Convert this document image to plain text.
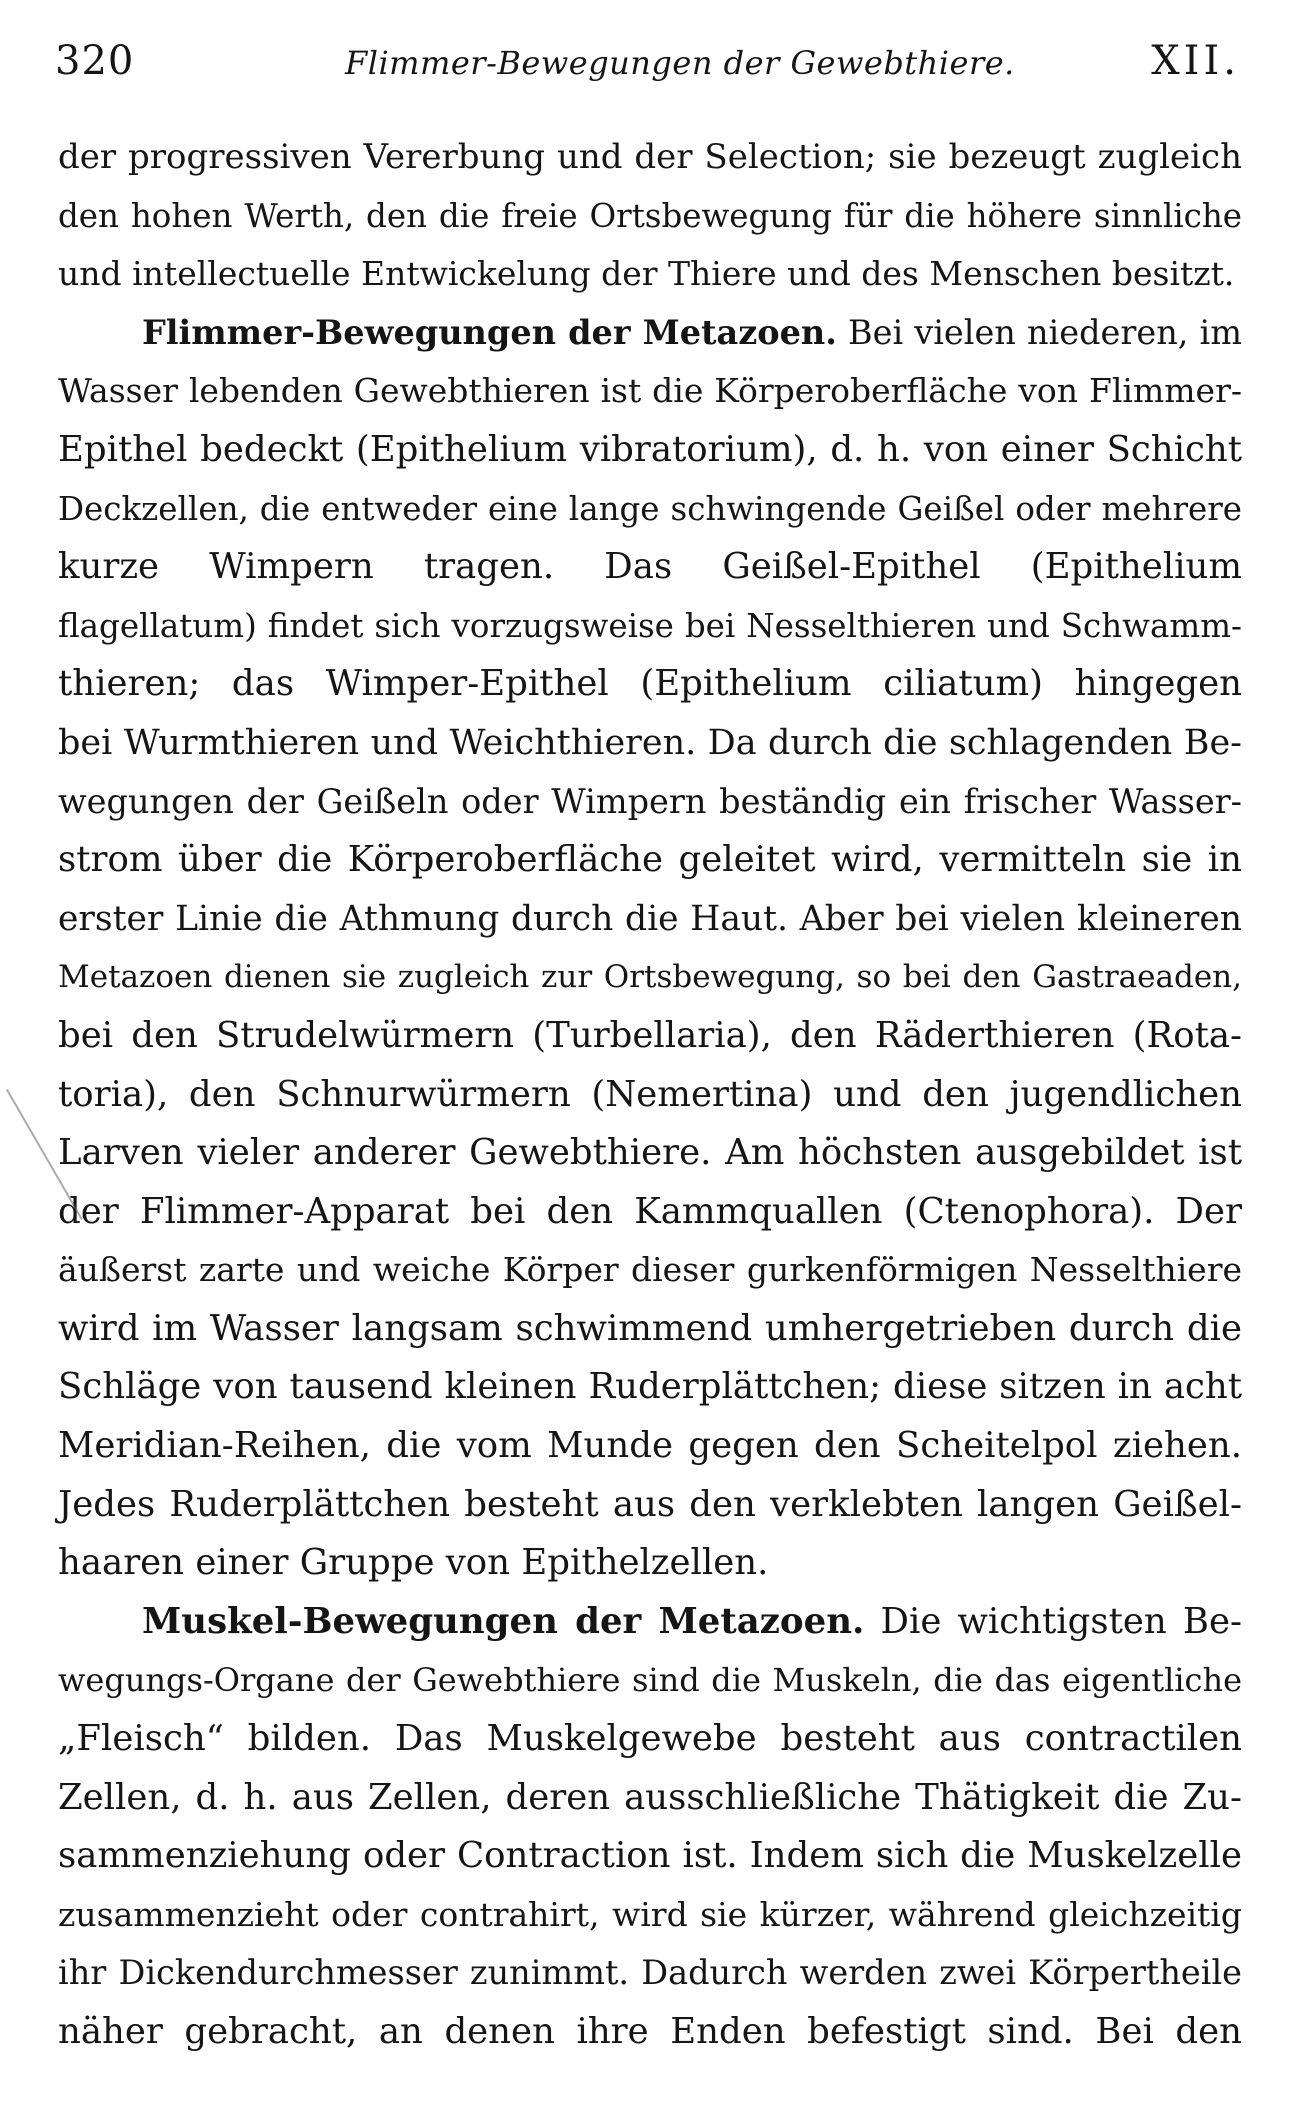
320	Flimmer-Bewegungen der Gewebthiere.	XII.
der progressiven Vererbung und der Selection; sie bezeugt zugleich
den hohen Werth, den die freie Ortsbewegung für die höhere sinnliche
und intellectuelle Entwickelung der Thiere und des Menschen besitzt.
Flimmer-Bewegungen der Metazoen. Bei vielen niederen, im
Wasser lebenden Gewebthieren ist die Körperoberfläche von Flimmer-
Epithel bedeckt (Epithelium vibratorium), d. h. von einer Schicht
Deckzellen, die entweder eine lange schwingende Geißel oder mehrere
kurze Wimpern tragen. Das Geißel-Epithel (Epithelium
flagellatum) findet sich vorzugsweise bei Nesselthieren und Schwamm-
thieren; das Wimper-Epithel (Epithelium ciliatum) hingegen
bei Wurmthieren und Weichthieren. Da durch die schlagenden Be-
wegungen der Geißeln oder Wimpern beständig ein frischer Wasser-
strom über die Körperoberfläche geleitet wird, vermitteln sie in
erster Linie die Athmung durch die Haut. Aber bei vielen kleineren
Metazoen dienen sie zugleich zur Ortsbewegung, so bei den Gastraeaden,
bei den Strudelwürmern (Turbellaria), den Räderthieren (Rota-
toria), den Schnurwürmern (Nemertina) und den jugendlichen
Larven vieler anderer Gewebthiere. Am höchsten ausgebildet ist
der Flimmer-Apparat bei den Kammquallen (Ctenophora). Der
äußerst zarte und weiche Körper dieser gurkenförmigen Nesselthiere
wird im Wasser langsam schwimmend umhergetrieben durch die
Schläge von tausend kleinen Ruderplättchen; diese sitzen in acht
Meridian-Reihen, die vom Munde gegen den Scheitelpol ziehen.
Jedes Ruderplättchen besteht aus den verklebten langen Geißel-
haaren einer Gruppe von Epithelzellen.
Muskel-Bewegungen der Metazoen. Die wichtigsten Be-
wegungs-Organe der Gewebthiere sind die Muskeln, die das eigentliche
„Fleisch“ bilden. Das Muskelgewebe besteht aus contractilen
Zellen, d. h. aus Zellen, deren ausschließliche Thätigkeit die Zu-
sammenziehung oder Contraction ist. Indem sich die Muskelzelle
zusammenzieht oder contrahirt, wird sie kürzer, während gleichzeitig
ihr Dickendurchmesser zunimmt. Dadurch werden zwei Körpertheile
näher gebracht, an denen ihre Enden befestigt sind. Bei den
